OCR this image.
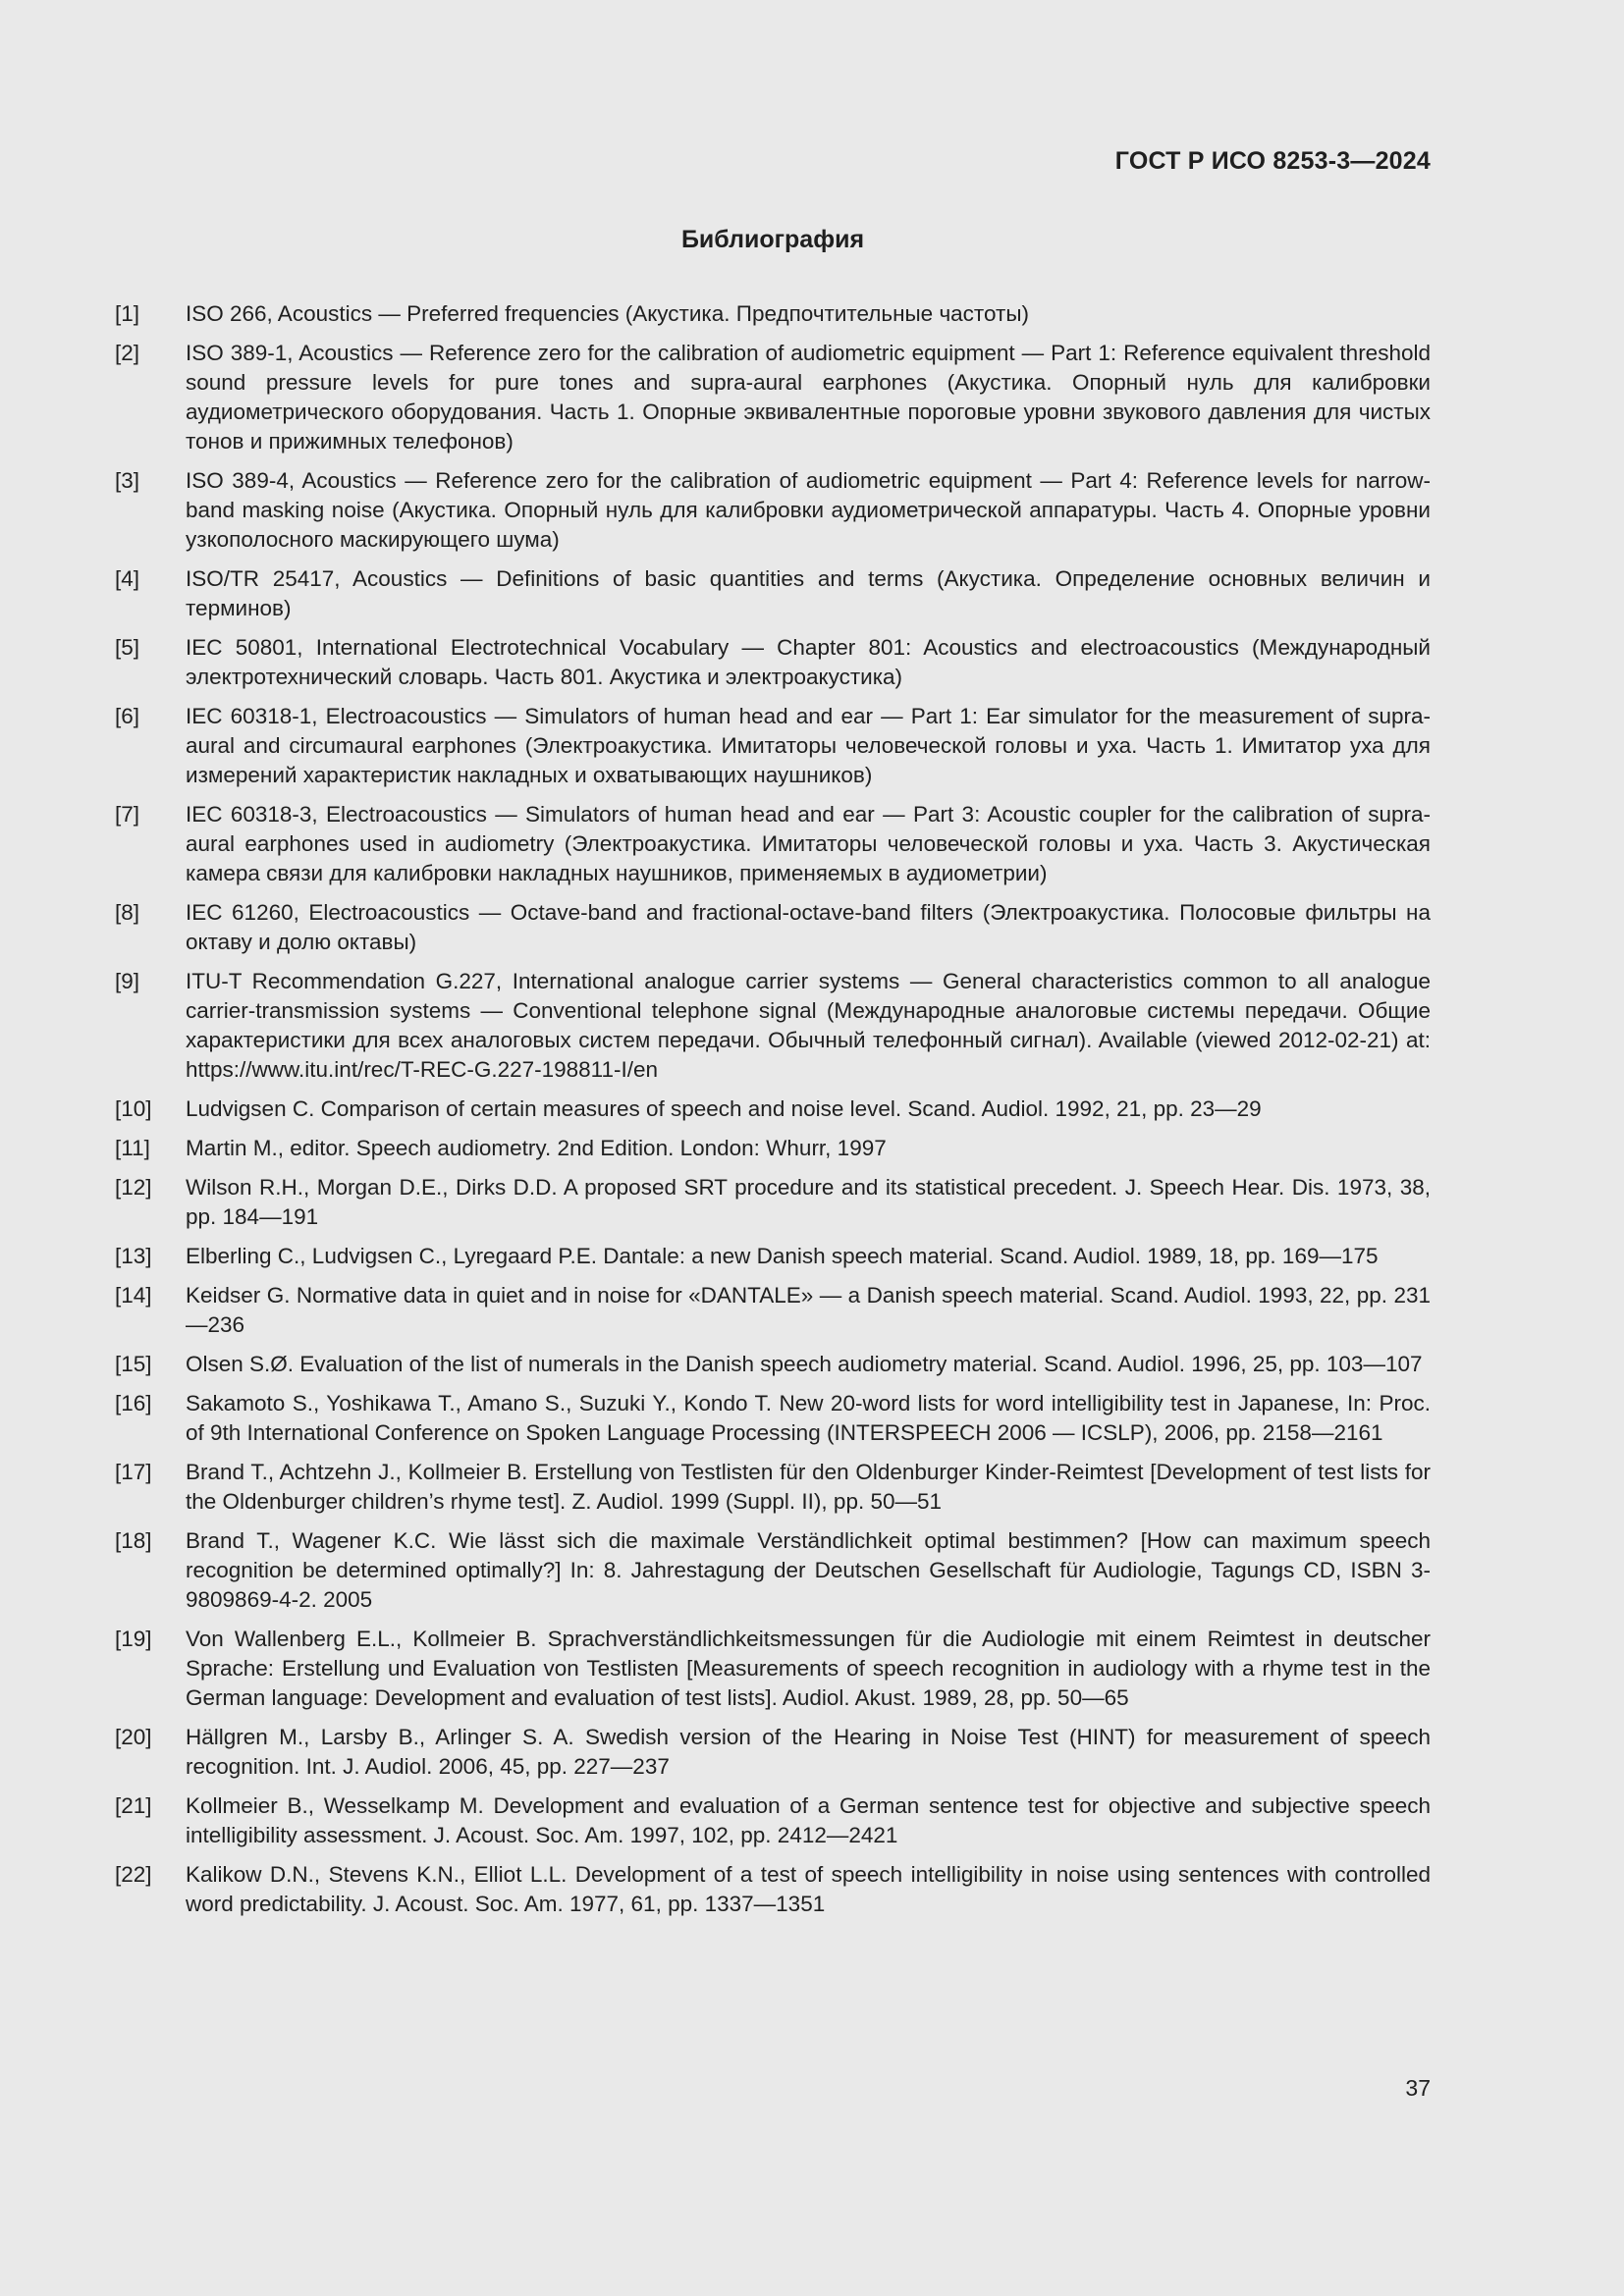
ГОСТ Р ИСО 8253-3—2024
Библиография
[1]	ISO 266, Acoustics — Preferred frequencies (Акустика. Предпочтительные частоты)
[2]	ISO 389-1, Acoustics — Reference zero for the calibration of audiometric equipment — Part 1: Reference equivalent threshold sound pressure levels for pure tones and supra-aural earphones (Акустика. Опорный нуль для калибровки аудиометрического оборудования. Часть 1. Опорные эквивалентные пороговые уровни звукового давления для чистых тонов и прижимных телефонов)
[3]	ISO 389-4, Acoustics — Reference zero for the calibration of audiometric equipment — Part 4: Reference levels for narrow-band masking noise (Акустика. Опорный нуль для калибровки аудиометрической аппаратуры. Часть 4. Опорные уровни узкополосного маскирующего шума)
[4]	ISO/TR 25417, Acoustics — Definitions of basic quantities and terms (Акустика. Определение основных величин и терминов)
[5]	IEC 50801, International Electrotechnical Vocabulary — Chapter 801: Acoustics and electroacoustics (Международный электротехнический словарь. Часть 801. Акустика и электроакустика)
[6]	IEC 60318-1, Electroacoustics — Simulators of human head and ear — Part 1: Ear simulator for the measurement of supra-aural and circumaural earphones (Электроакустика. Имитаторы человеческой головы и уха. Часть 1. Имитатор уха для измерений характеристик накладных и охватывающих наушников)
[7]	IEC 60318-3, Electroacoustics — Simulators of human head and ear — Part 3: Acoustic coupler for the calibration of supra-aural earphones used in audiometry (Электроакустика. Имитаторы человеческой головы и уха. Часть 3. Акустическая камера связи для калибровки накладных наушников, применяемых в аудиометрии)
[8]	IEC 61260, Electroacoustics — Octave-band and fractional-octave-band filters (Электроакустика. Полосовые фильтры на октаву и долю октавы)
[9]	ITU-T Recommendation G.227, International analogue carrier systems — General characteristics common to all analogue carrier-transmission systems — Conventional telephone signal (Международные аналоговые системы передачи. Общие характеристики для всех аналоговых систем передачи. Обычный телефонный сигнал). Available (viewed 2012-02-21) at: https://www.itu.int/rec/T-REC-G.227-198811-I/en
[10]	Ludvigsen C. Comparison of certain measures of speech and noise level. Scand. Audiol. 1992, 21, pp. 23—29
[11]	Martin M., editor. Speech audiometry. 2nd Edition. London: Whurr, 1997
[12]	Wilson R.H., Morgan D.E., Dirks D.D. A proposed SRT procedure and its statistical precedent. J. Speech Hear. Dis. 1973, 38, pp. 184—191
[13]	Elberling C., Ludvigsen C., Lyregaard P.E. Dantale: a new Danish speech material. Scand. Audiol. 1989, 18, pp. 169—175
[14]	Keidser G. Normative data in quiet and in noise for «DANTALE» — a Danish speech material. Scand. Audiol. 1993, 22, pp. 231—236
[15]	Olsen S.Ø. Evaluation of the list of numerals in the Danish speech audiometry material. Scand. Audiol. 1996, 25, pp. 103—107
[16]	Sakamoto S., Yoshikawa T., Amano S., Suzuki Y., Kondo T. New 20-word lists for word intelligibility test in Japanese, In: Proc. of 9th International Conference on Spoken Language Processing (INTERSPEECH 2006 — ICSLP), 2006, pp. 2158—2161
[17]	Brand T., Achtzehn J., Kollmeier B. Erstellung von Testlisten für den Oldenburger Kinder-Reimtest [Development of test lists for the Oldenburger children’s rhyme test]. Z. Audiol. 1999 (Suppl. II), pp. 50—51
[18]	Brand T., Wagener K.C. Wie lässt sich die maximale Verständlichkeit optimal bestimmen? [How can maximum speech recognition be determined optimally?] In: 8. Jahrestagung der Deutschen Gesellschaft für Audiologie, Tagungs CD, ISBN 3-9809869-4-2. 2005
[19]	Von Wallenberg E.L., Kollmeier B. Sprachverständlichkeitsmessungen für die Audiologie mit einem Reimtest in deutscher Sprache: Erstellung und Evaluation von Testlisten [Measurements of speech recognition in audiology with a rhyme test in the German language: Development and evaluation of test lists]. Audiol. Akust. 1989, 28, pp. 50—65
[20]	Hällgren M., Larsby B., Arlinger S. A. Swedish version of the Hearing in Noise Test (HINT) for measurement of speech recognition. Int. J. Audiol. 2006, 45, pp. 227—237
[21]	Kollmeier B., Wesselkamp M. Development and evaluation of a German sentence test for objective and subjective speech intelligibility assessment. J. Acoust. Soc. Am. 1997, 102, pp. 2412—2421
[22]	Kalikow D.N., Stevens K.N., Elliot L.L. Development of a test of speech intelligibility in noise using sentences with controlled word predictability. J. Acoust. Soc. Am. 1977, 61, pp. 1337—1351
37
